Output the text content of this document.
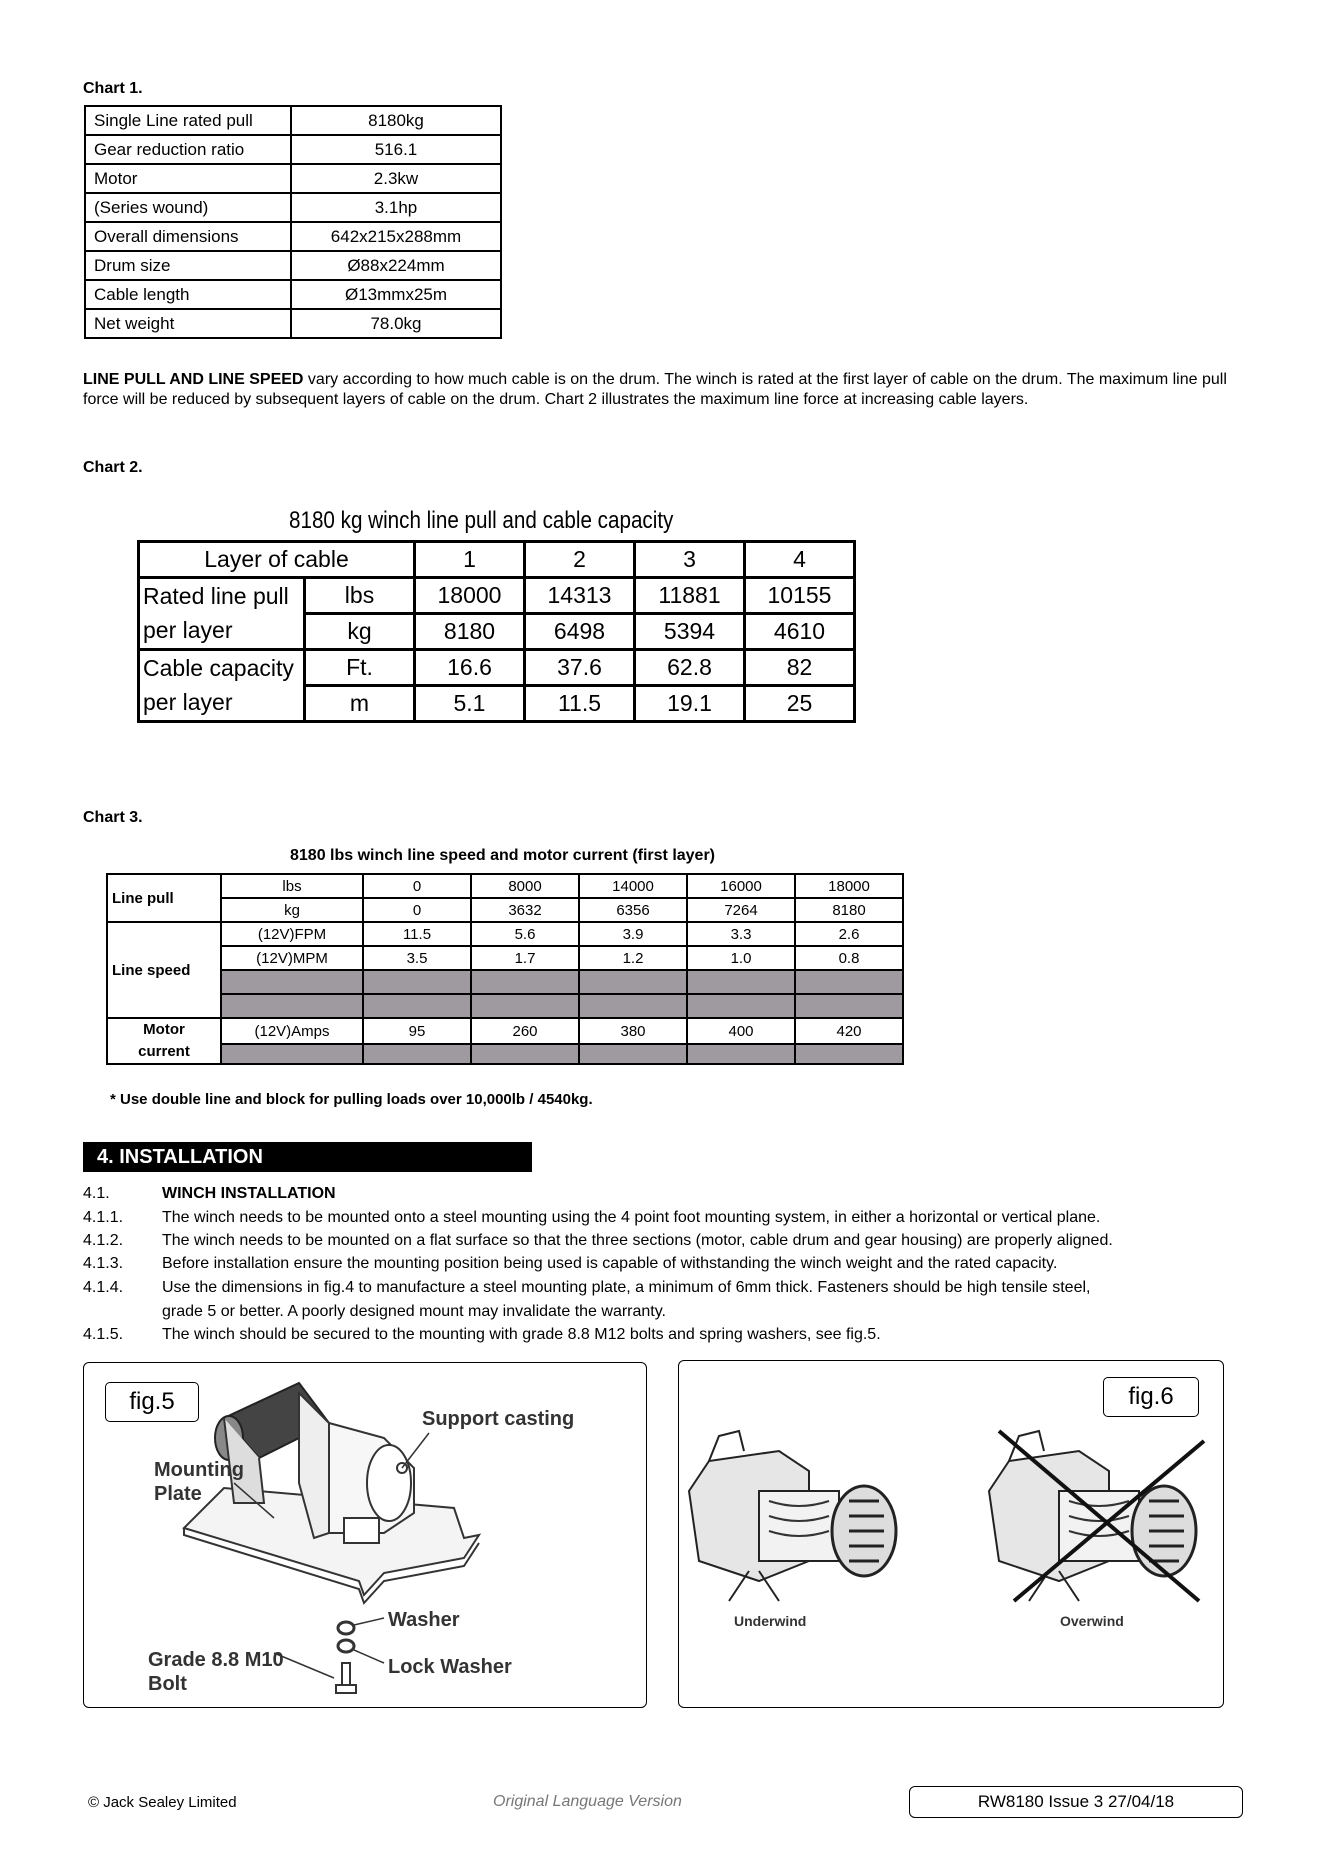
Chart 1.
Single Line rated pull	8180kg
Gear reduction ratio	516.1
Motor	2.3kw
(Series wound)	3.1hp
Overall dimensions	642x215x288mm
Drum size	Ø88x224mm
Cable length	Ø13mmx25m
Net weight	78.0kg
LINE PULL AND LINE SPEED vary according to how much cable is on the drum. The winch is rated at the first layer of cable on the drum. The maximum line pull force will be reduced by subsequent layers of cable on the drum. Chart 2 illustrates the maximum line force at increasing cable layers.
Chart 2.
8180 kg winch line pull and cable capacity
Layer of cable		1	2	3	4
Rated line pull	lbs	18000	14313	11881	10155
per layer	kg	8180	6498	5394	4610
Cable capacity	Ft.	16.6	37.6	62.8	82
per layer	m	5.1	11.5	19.1	25
Chart 3.
8180 lbs winch line speed and motor current (first layer)
Line pull	lbs	0	8000	14000	16000	18000
	kg	0	3632	6356	7264	8180
Line speed	(12V)FPM	11.5	5.6	3.9	3.3	2.6
	(12V)MPM	3.5	1.7	1.2	1.0	0.8

Motor
current	(12V)Amps	95	260	380	400	420

* Use double line and block for pulling loads over 10,000lb / 4540kg.
4. INSTALLATION
4.1.	WINCH INSTALLATION
4.1.1. The winch needs to be mounted onto a steel mounting using the 4 point foot mounting system, in either a horizontal or vertical plane.
4.1.2. The winch needs to be mounted on a flat surface so that the three sections (motor, cable drum and gear housing) are properly aligned.
4.1.3. Before installation ensure the mounting position being used is capable of withstanding the winch weight and the rated capacity.
4.1.4. Use the dimensions in fig.4 to manufacture a steel mounting plate, a minimum of 6mm thick. Fasteners should be high tensile steel,
grade 5 or better. A poorly designed mount may invalidate the warranty.
4.1.5. The winch should be secured to the mounting with grade 8.8 M12 bolts and spring washers, see fig.5.
fig.5
Support casting
Mounting
Plate
Washer
Lock Washer
Grade 8.8 M10
Bolt
fig.6
Underwind	Overwind
© Jack Sealey Limited	Original Language Version	RW8180 Issue 3 27/04/18
